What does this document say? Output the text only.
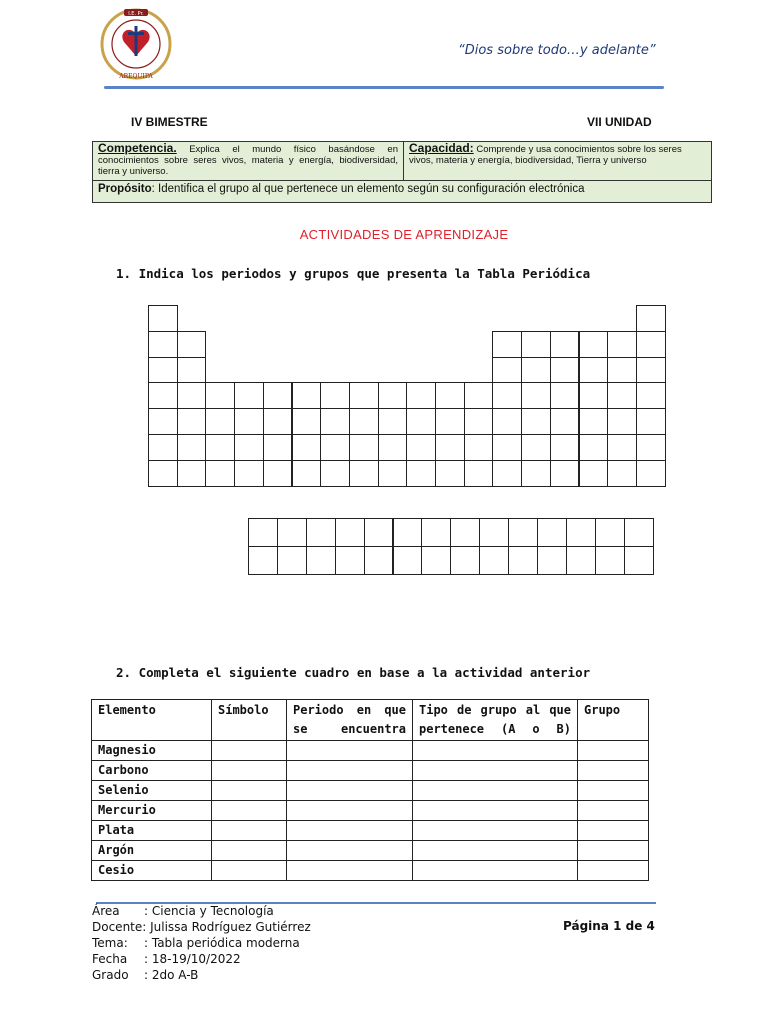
I.E. Pr.
AREQUIPA
“Dios sobre todo…y adelante”
IV BIMESTRE	VII UNIDAD
Competencia. Explica el mundo físico basándose en conocimientos sobre seres vivos, materia y energía, biodiversidad, tierra y universo.
Capacidad: Comprende y usa conocimientos sobre los seres vivos, materia y energía, biodiversidad, Tierra y universo
Propósito: Identifica el grupo al que pertenece un elemento según su configuración electrónica
ACTIVIDADES DE APRENDIZAJE
1. Indica los periodos y grupos que presenta la Tabla Periódica
2. Completa el siguiente cuadro en base a la actividad anterior
Elemento	Símbolo	Periodo en que se encuentra	Tipo de grupo al que pertenece (A o B)	Grupo
Magnesio				
Carbono				
Selenio				
Mercurio				
Plata				
Argón				
Cesio				
Área	: Ciencia y Tecnología
Docente : Julissa Rodríguez Gutiérrez
Tema:	: Tabla periódica moderna
Fecha	: 18-19/10/2022
Grado	: 2do A-B
Página 1 de 4
